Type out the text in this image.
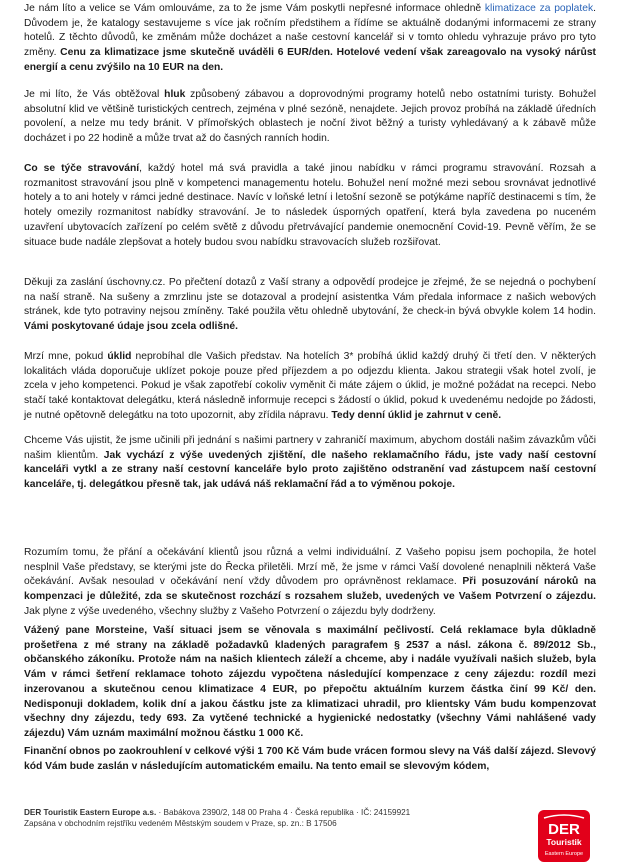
Je nám líto a velice se Vám omlouváme, za to že jsme Vám poskytli nepřesné informace ohledně klimatizace za poplatek. Důvodem je, že katalogy sestavujeme s více jak ročním předstihem a řídíme se aktuálně dodanými informacemi ze strany hotelů. Z těchto důvodů, ke změnám může docházet a naše cestovní kancelář si v tomto ohledu vyhrazuje právo pro tyto změny. Cenu za klimatizace jsme skutečně uváděli 6 EUR/den. Hotelové vedení však zareagovalo na vysoký nárůst energií a cenu zvýšilo na 10 EUR na den.

Je mi líto, že Vás obtěžoval hluk způsobený zábavou a doprovodnými programy hotelů nebo ostatními turisty. Bohužel absolutní klid ve většině turistických centrech, zejména v plné sezóně, nenajdete. Jejich provoz probíhá na základě úředních povolení, a nelze mu tedy bránit. V přímořských oblastech je noční život běžný a turisty vyhledávaný a k zábavě může docházet i po 22 hodině a může trvat až do časných ranních hodin.

Co se týče stravování, každý hotel má svá pravidla a také jinou nabídku v rámci programu stravování. Rozsah a rozmanitost stravování jsou plně v kompetenci managementu hotelu. Bohužel není možné mezi sebou srovnávat jednotlivé hotely a to ani hotely v rámci jedné destinace. Navíc v loňské letní i letošní sezoně se potýkáme napříč destinacemi s tím, že hotely omezily rozmanitost nabídky stravování. Je to následek úsporných opatření, která byla zavedena po nuceném uzavření ubytovacích zařízení po celém světě z důvodu přetrvávající pandemie onemocnění Covid-19. Pevně věřím, že se situace bude nadále zlepšovat a hotely budou svou nabídku stravovacích služeb rozšiřovat.

Děkuji za zaslání úschovny.cz. Po přečtení dotazů z Vaší strany a odpovědí prodejce je zřejmé, že se nejedná o pochybení na naší straně. Na sušeny a zmrzlinu jste se dotazoval a prodejní asistentka Vám předala informace z našich webových stránek, kde tyto potraviny nejsou zmíněny. Také použila větu ohledně ubytování, že check-in bývá obvykle kolem 14 hodin. Vámi poskytované údaje jsou zcela odlišné.

Mrzí mne, pokud úklid neprobíhal dle Vašich představ. Na hotelích 3* probíhá úklid každý druhý či třetí den. V některých lokalitách vláda doporučuje uklízet pokoje pouze před příjezdem a po odjezdu klienta. Jakou strategii však hotel zvolí, je zcela v jeho kompetenci. Pokud je však zapotřebí cokoliv vyměnit či máte zájem o úklid, je možné požádat na recepci. Nebo stačí také kontaktovat delegátku, která následně informuje recepci s žádostí o úklid, pokud k uvedenému nedojde po žádosti, je nutné opětovně delegátku na toto upozornit, aby zřídila nápravu. Tedy denní úklid je zahrnut v ceně.

Chceme Vás ujistit, že jsme učinili při jednání s našimi partnery v zahraničí maximum, abychom dostáli našim závazkům vůči našim klientům. Jak vychází z výše uvedených zjištění, dle našeho reklamačního řádu, jste vady naší cestovní kanceláři vytkl a ze strany naší cestovní kanceláře bylo proto zajištěno odstranění vad zástupcem naší cestovní kanceláře, tj. delegátkou přesně tak, jak udává náš reklamační řád a to výměnou pokoje.

Rozumím tomu, že přání a očekávání klientů jsou různá a velmi individuální. Z Vašeho popisu jsem pochopila, že hotel nesplnil Vaše představy, se kterými jste do Řecka přiletěli. Mrzí mě, že jsme v rámci Vaší dovolené nenaplnili některá Vaše očekávání. Avšak nesoulad v očekávání není vždy důvodem pro oprávněnost reklamace. Při posuzování nároků na kompenzaci je důležité, zda se skutečnost rozchází s rozsahem služeb, uvedených ve Vašem Potvrzení o zájezdu. Jak plyne z výše uvedeného, všechny služby z Vašeho Potvrzení o zájezdu byly dodrženy.

Vážený pane Morsteine, Vaší situaci jsem se věnovala s maximální pečlivostí. Celá reklamace byla důkladně prošetřena z mé strany na základě požadavků kladených paragrafem § 2537 a násl. zákona č. 89/2012 Sb., občanského zákoníku. Protože nám na našich klientech záleží a chceme, aby i nadále využívali našich služeb, byla Vám v rámci šetření reklamace tohoto zájezdu vypočtena následující kompenzace z ceny zájezdu: rozdíl mezi inzerovanou a skutečnou cenou klimatizace 4 EUR, po přepočtu aktuálním kurzem částka činí 99 Kč/ den. Nedisponuji dokladem, kolik dní a jakou částku jste za klimatizaci uhradil, pro klientsky Vám budu kompenzovat všechny dny zájezdu, tedy 693. Za vytčené technické a hygienické nedostatky (všechny Vámi nahlášené vady zájezdu) Vám uznám maximální možnou částku 1 000 Kč.

Finanční obnos po zaokrouhlení v celkové výši 1 700 Kč Vám bude vrácen formou slevy na Váš další zájezd. Slevový kód Vám bude zaslán v následujícím automatickém emailu. Na tento email se slevovým kódem,

DER Touristik Eastern Europe a.s. · Babákova 2390/2, 148 00 Praha 4 · Česká republika · IČ: 24159921
Zapsána v obchodním rejstříku vedeném Městským soudem v Praze, sp. zn.: B 17506	DER
Touristik
Eastern Europe
